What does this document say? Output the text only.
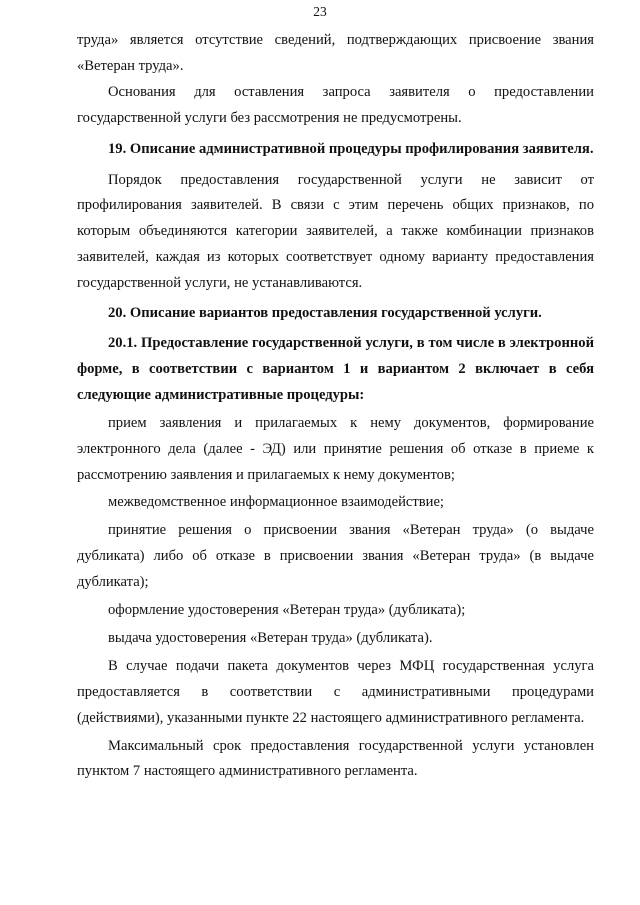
23

труда» является отсутствие сведений, подтверждающих присвоение звания «Ветеран труда».

Основания для оставления запроса заявителя о предоставлении государственной услуги без рассмотрения не предусмотрены.

19. Описание административной процедуры профилирования заявителя.

Порядок предоставления государственной услуги не зависит от профилирования заявителей. В связи с этим перечень общих признаков, по которым объединяются категории заявителей, а также комбинации признаков заявителей, каждая из которых соответствует одному варианту предоставления государственной услуги, не устанавливаются.

20. Описание вариантов предоставления государственной услуги.

20.1. Предоставление государственной услуги, в том числе в электронной форме, в соответствии с вариантом 1 и вариантом 2 включает в себя следующие административные процедуры:

прием заявления и прилагаемых к нему документов, формирование электронного дела (далее - ЭД) или принятие решения об отказе в приеме к рассмотрению заявления и прилагаемых к нему документов;

межведомственное информационное взаимодействие;

принятие решения о присвоении звания «Ветеран труда» (о выдаче дубликата) либо об отказе в присвоении звания «Ветеран труда» (в выдаче дубликата);

оформление удостоверения «Ветеран труда» (дубликата);

выдача удостоверения «Ветеран труда» (дубликата).

В случае подачи пакета документов через МФЦ государственная услуга предоставляется в соответствии с административными процедурами (действиями), указанными пункте 22 настоящего административного регламента.

Максимальный срок предоставления государственной услуги установлен пунктом 7 настоящего административного регламента.
